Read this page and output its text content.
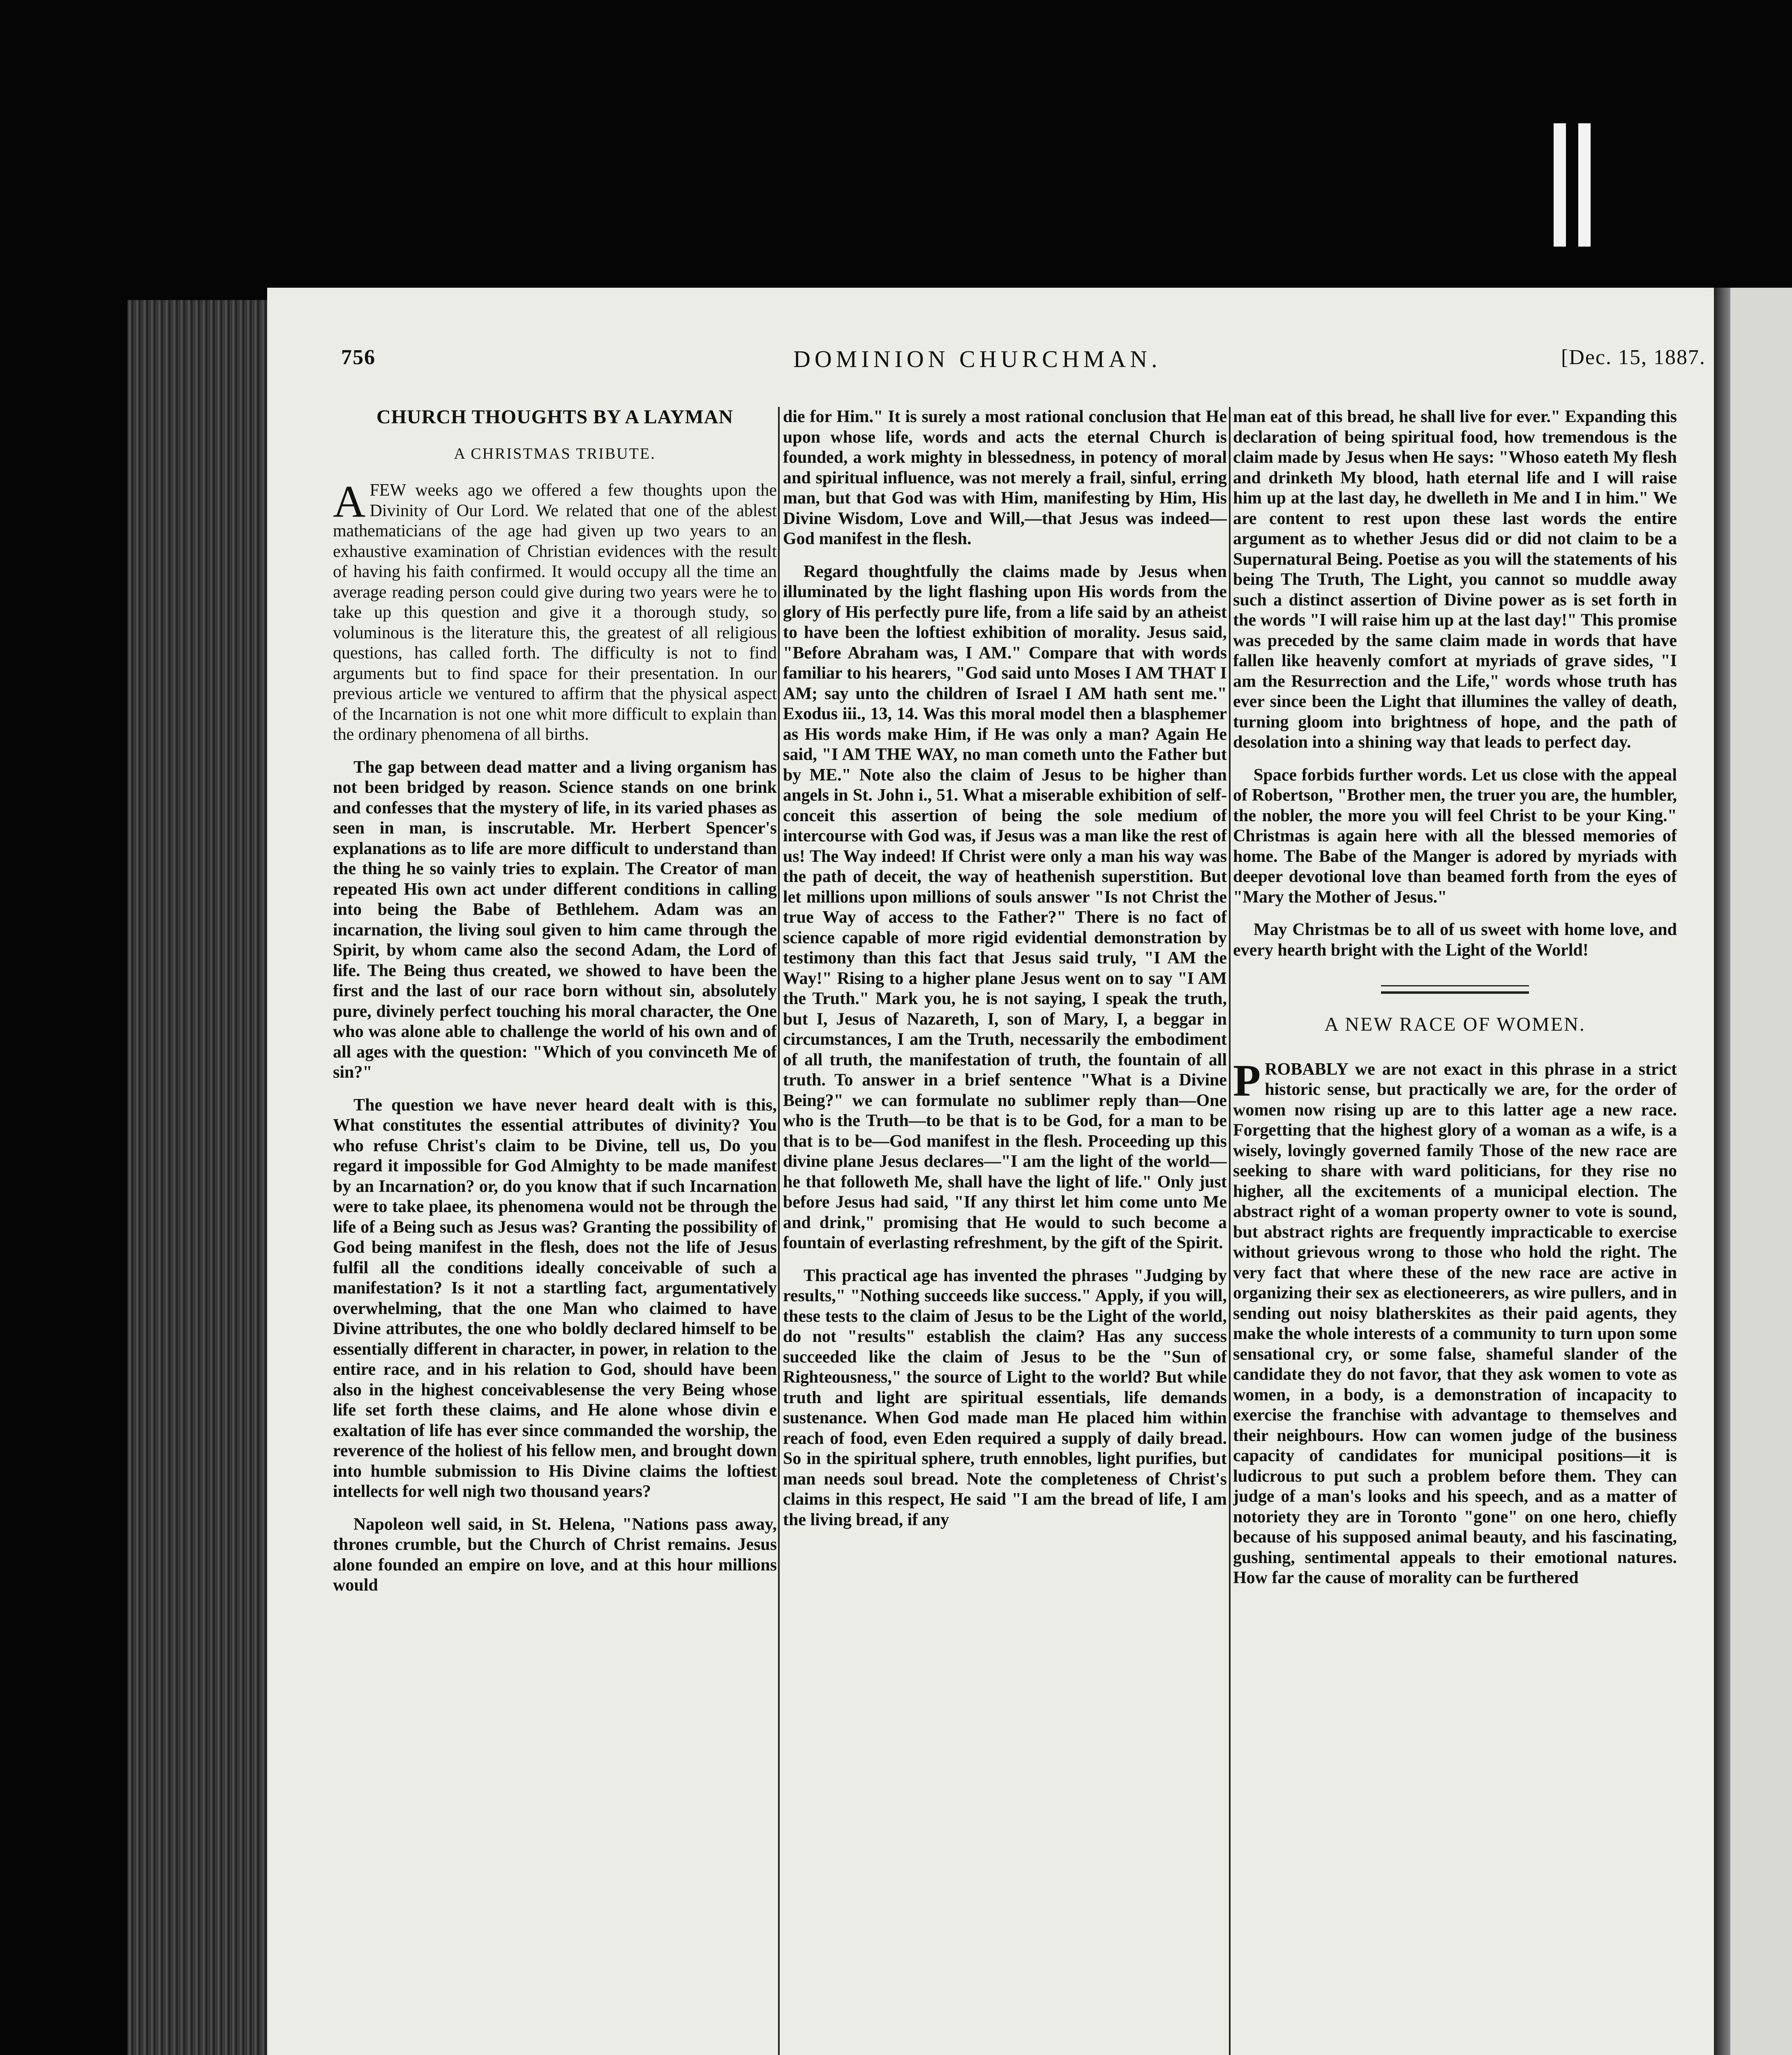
756	DOMINION CHURCHMAN.	[Dec. 15, 1887.
CHURCH THOUGHTS BY A LAYMAN
A CHRISTMAS TRIBUTE.

AFEW weeks ago we offered a few thoughts upon the Divinity of Our Lord. We related that one of the ablest mathematicians of the age had given up two years to an exhaustive examination of Christian evidences with the result of having his faith confirmed. It would occupy all the time an average reading person could give during two years were he to take up this question and give it a thorough study, so voluminous is the literature this, the greatest of all religious questions, has called forth. The difficulty is not to find arguments but to find space for their presentation. In our previous article we ventured to affirm that the physical aspect of the Incarnation is not one whit more difficult to explain than the ordinary phenomena of all births.

The gap between dead matter and a living organism has not been bridged by reason. Science stands on one brink and confesses that the mystery of life, in its varied phases as seen in man, is inscrutable. Mr. Herbert Spencer's explanations as to life are more difficult to understand than the thing he so vainly tries to explain. The Creator of man repeated His own act under different conditions in calling into being the Babe of Bethlehem. Adam was an incarnation, the living soul given to him came through the Spirit, by whom came also the second Adam, the Lord of life. The Being thus created, we showed to have been the first and the last of our race born without sin, absolutely pure, divinely perfect touching his moral character, the One who was alone able to challenge the world of his own and of all ages with the question: "Which of you convinceth Me of sin?"

The question we have never heard dealt with is this, What constitutes the essential attributes of divinity? You who refuse Christ's claim to be Divine, tell us, Do you regard it impossible for God Almighty to be made manifest by an Incarnation? or, do you know that if such Incarnation were to take plaee, its phenomena would not be through the life of a Being such as Jesus was? Granting the possibility of God being manifest in the flesh, does not the life of Jesus fulfil all the conditions ideally conceivable of such a manifestation? Is it not a startling fact, argumentatively overwhelming, that the one Man who claimed to have Divine attributes, the one who boldly declared himself to be essentially different in character, in power, in relation to the entire race, and in his relation to God, should have been also in the highest conceivablesense the very Being whose life set forth these claims, and He alone whose divin e exaltation of life has ever since commanded the worship, the reverence of the holiest of his fellow men, and brought down into humble submission to His Divine claims the loftiest intellects for well nigh two thousand years?

Napoleon well said, in St. Helena, "Nations pass away, thrones crumble, but the Church of Christ remains. Jesus alone founded an empire on love, and at this hour millions would

die for Him." It is surely a most rational conclusion that He upon whose life, words and acts the eternal Church is founded, a work mighty in blessedness, in potency of moral and spiritual influence, was not merely a frail, sinful, erring man, but that God was with Him, manifesting by Him, His Divine Wisdom, Love and Will,—that Jesus was indeed—God manifest in the flesh.

Regard thoughtfully the claims made by Jesus when illuminated by the light flashing upon His words from the glory of His perfectly pure life, from a life said by an atheist to have been the loftiest exhibition of morality. Jesus said, "Before Abraham was, I AM." Compare that with words familiar to his hearers, "God said unto Moses I AM THAT I AM; say unto the children of Israel I AM hath sent me." Exodus iii., 13, 14. Was this moral model then a blasphemer as His words make Him, if He was only a man? Again He said, "I AM THE WAY, no man cometh unto the Father but by ME." Note also the claim of Jesus to be higher than angels in St. John i., 51. What a miserable exhibition of self-conceit this assertion of being the sole medium of intercourse with God was, if Jesus was a man like the rest of us! The Way indeed! If Christ were only a man his way was the path of deceit, the way of heathenish superstition. But let millions upon millions of souls answer "Is not Christ the true Way of access to the Father?" There is no fact of science capable of more rigid evidential demonstration by testimony than this fact that Jesus said truly, "I AM the Way!" Rising to a higher plane Jesus went on to say "I AM the Truth." Mark you, he is not saying, I speak the truth, but I, Jesus of Nazareth, I, son of Mary, I, a beggar in circumstances, I am the Truth, necessarily the embodiment of all truth, the manifestation of truth, the fountain of all truth. To answer in a brief sentence "What is a Divine Being?" we can formulate no sublimer reply than—One who is the Truth—to be that is to be God, for a man to be that is to be—God manifest in the flesh. Proceeding up this divine plane Jesus declares—"I am the light of the world—he that followeth Me, shall have the light of life." Only just before Jesus had said, "If any thirst let him come unto Me and drink," promising that He would to such become a fountain of everlasting refreshment, by the gift of the Spirit.

This practical age has invented the phrases "Judging by results," "Nothing succeeds like success." Apply, if you will, these tests to the claim of Jesus to be the Light of the world, do not "results" establish the claim? Has any success succeeded like the claim of Jesus to be the "Sun of Righteousness," the source of Light to the world? But while truth and light are spiritual essentials, life demands sustenance. When God made man He placed him within reach of food, even Eden required a supply of daily bread. So in the spiritual sphere, truth ennobles, light purifies, but man needs soul bread. Note the completeness of Christ's claims in this respect, He said "I am the bread of life, I am the living bread, if any

man eat of this bread, he shall live for ever." Expanding this declaration of being spiritual food, how tremendous is the claim made by Jesus when He says: "Whoso eateth My flesh and drinketh My blood, hath eternal life and I will raise him up at the last day, he dwelleth in Me and I in him." We are content to rest upon these last words the entire argument as to whether Jesus did or did not claim to be a Supernatural Being. Poetise as you will the statements of his being The Truth, The Light, you cannot so muddle away such a distinct assertion of Divine power as is set forth in the words "I will raise him up at the last day!" This promise was preceded by the same claim made in words that have fallen like heavenly comfort at myriads of grave sides, "I am the Resurrection and the Life," words whose truth has ever since been the Light that illumines the valley of death, turning gloom into brightness of hope, and the path of desolation into a shining way that leads to perfect day.

Space forbids further words. Let us close with the appeal of Robertson, "Brother men, the truer you are, the humbler, the nobler, the more you will feel Christ to be your King." Christmas is again here with all the blessed memories of home. The Babe of the Manger is adored by myriads with deeper devotional love than beamed forth from the eyes of "Mary the Mother of Jesus."

May Christmas be to all of us sweet with home love, and every hearth bright with the Light of the World!

A NEW RACE OF WOMEN.

PROBABLY we are not exact in this phrase in a strict historic sense, but practically we are, for the order of women now rising up are to this latter age a new race. Forgetting that the highest glory of a woman as a wife, is a wisely, lovingly governed family Those of the new race are seeking to share with ward politicians, for they rise no higher, all the excitements of a municipal election. The abstract right of a woman property owner to vote is sound, but abstract rights are frequently impracticable to exercise without grievous wrong to those who hold the right. The very fact that where these of the new race are active in organizing their sex as electioneerers, as wire pullers, and in sending out noisy blatherskites as their paid agents, they make the whole interests of a community to turn upon some sensational cry, or some false, shameful slander of the candidate they do not favor, that they ask women to vote as women, in a body, is a demonstration of incapacity to exercise the franchise with advantage to themselves and their neighbours. How can women judge of the business capacity of candidates for municipal positions—it is ludicrous to put such a problem before them. They can judge of a man's looks and his speech, and as a matter of notoriety they are in Toronto "gone" on one hero, chiefly because of his supposed animal beauty, and his fascinating, gushing, sentimental appeals to their emotional natures. How far the cause of morality can be furthered
